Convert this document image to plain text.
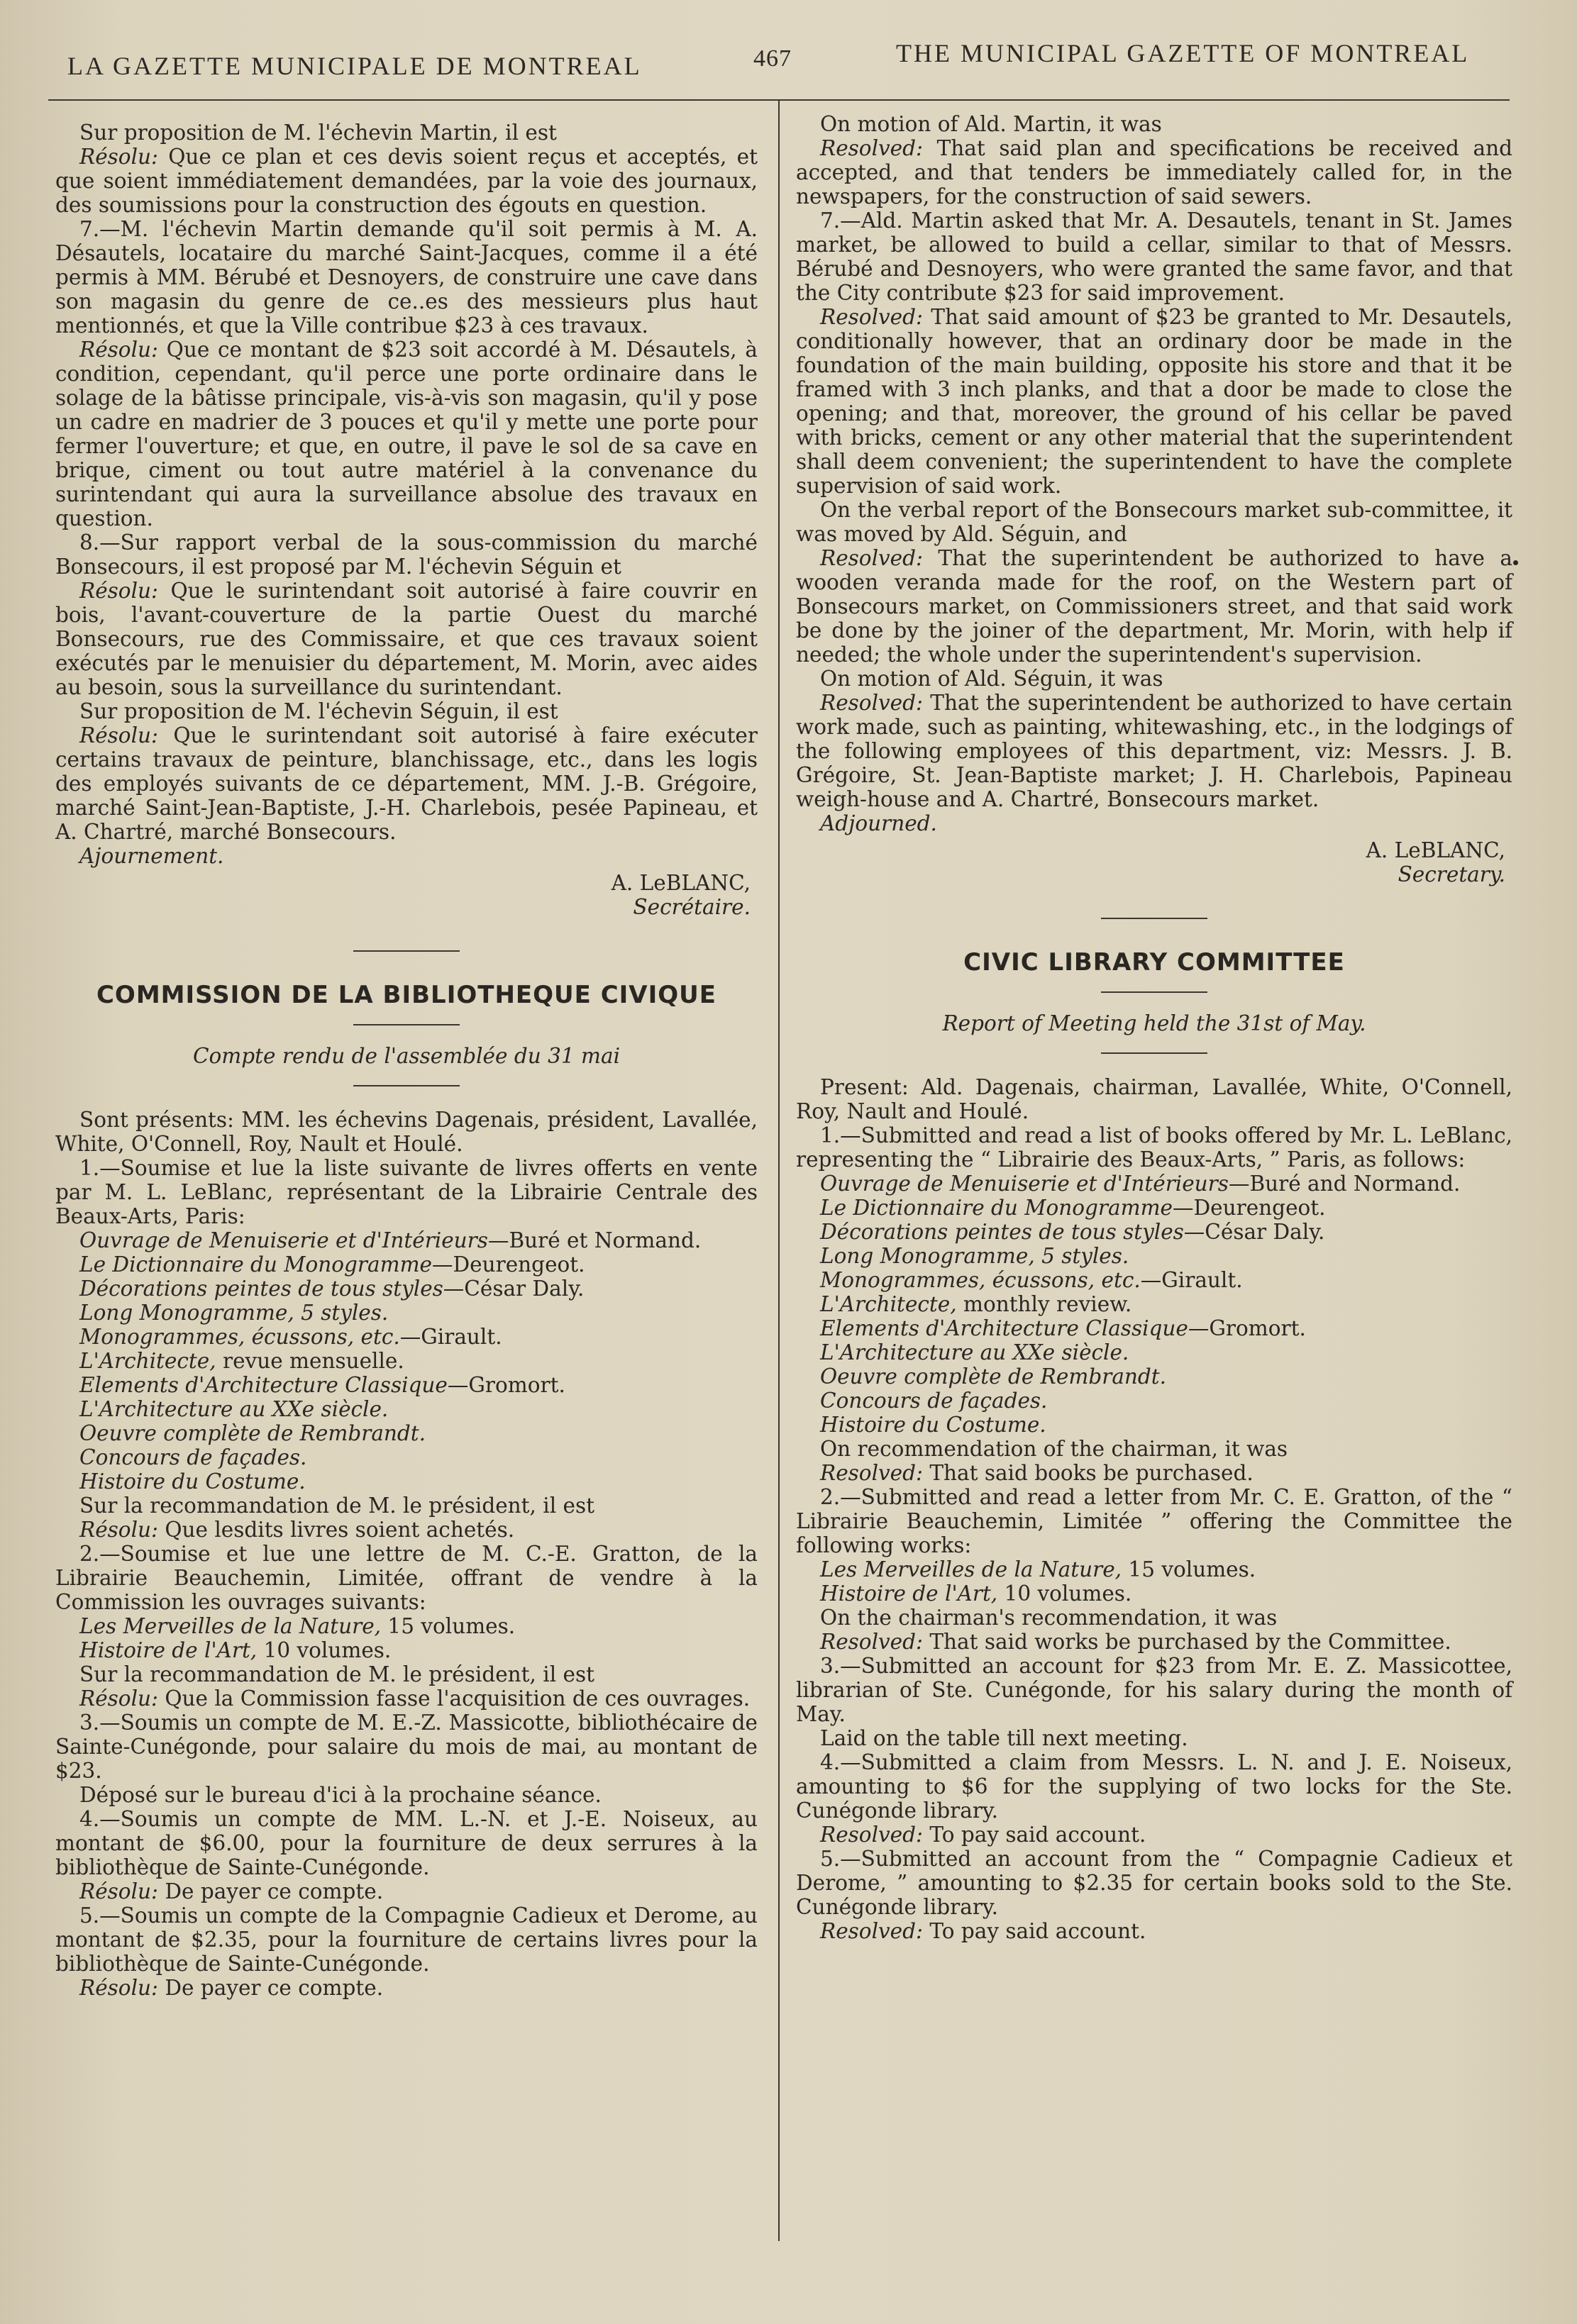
LA GAZETTE MUNICIPALE DE MONTREAL	467	THE MUNICIPAL GAZETTE OF MONTREAL

Sur proposition de M. l'échevin Martin, il est

Résolu: Que ce plan et ces devis soient reçus et acceptés, et que soient immédiatement demandées, par la voie des journaux, des soumissions pour la construction des égouts en question.

7.—M. l'échevin Martin demande qu'il soit permis à M. A. Désautels, locataire du marché Saint-Jacques, comme il a été permis à MM. Bérubé et Desnoyers, de construire une cave dans son magasin du genre de ce..es des messieurs plus haut mentionnés, et que la Ville contribue $23 à ces travaux.

Résolu: Que ce montant de $23 soit accordé à M. Désautels, à condition, cependant, qu'il perce une porte ordinaire dans le solage de la bâtisse principale, vis-à-vis son magasin, qu'il y pose un cadre en madrier de 3 pouces et qu'il y mette une porte pour fermer l'ouverture; et que, en outre, il pave le sol de sa cave en brique, ciment ou tout autre matériel à la convenance du surintendant qui aura la surveillance absolue des travaux en question.

8.—Sur rapport verbal de la sous-commission du marché Bonsecours, il est proposé par M. l'échevin Séguin et

Résolu: Que le surintendant soit autorisé à faire couvrir en bois, l'avant-couverture de la partie Ouest du marché Bonsecours, rue des Commissaire, et que ces travaux soient exécutés par le menuisier du département, M. Morin, avec aides au besoin, sous la surveillance du surintendant.

Sur proposition de M. l'échevin Séguin, il est

Résolu: Que le surintendant soit autorisé à faire exécuter certains travaux de peinture, blanchissage, etc., dans les logis des employés suivants de ce département, MM. J.-B. Grégoire, marché Saint-Jean-Baptiste, J.-H. Charlebois, pesée Papineau, et A. Chartré, marché Bonsecours.

Ajournement.

A. LeBLANC,
Secrétaire.
COMMISSION DE LA BIBLIOTHEQUE CIVIQUE
Compte rendu de l'assemblée du 31 mai

Sont présents: MM. les échevins Dagenais, président, Lavallée, White, O'Connell, Roy, Nault et Houlé.

1.—Soumise et lue la liste suivante de livres offerts en vente par M. L. LeBlanc, représentant de la Librairie Centrale des Beaux-Arts, Paris:

Ouvrage de Menuiserie et d'Intérieurs—Buré et Normand.

Le Dictionnaire du Monogramme—Deurengeot.

Décorations peintes de tous styles—César Daly.

Long Monogramme, 5 styles.

Monogrammes, écussons, etc.—Girault.

L'Architecte, revue mensuelle.

Elements d'Architecture Classique—Gromort.

L'Architecture au XXe siècle.

Oeuvre complète de Rembrandt.

Concours de façades.

Histoire du Costume.

Sur la recommandation de M. le président, il est

Résolu: Que lesdits livres soient achetés.

2.—Soumise et lue une lettre de M. C.-E. Gratton, de la Librairie Beauchemin, Limitée, offrant de vendre à la Commission les ouvrages suivants:

Les Merveilles de la Nature, 15 volumes.

Histoire de l'Art, 10 volumes.

Sur la recommandation de M. le président, il est

Résolu: Que la Commission fasse l'acquisition de ces ouvrages.

3.—Soumis un compte de M. E.-Z. Massicotte, bibliothécaire de Sainte-Cunégonde, pour salaire du mois de mai, au montant de $23.

Déposé sur le bureau d'ici à la prochaine séance.

4.—Soumis un compte de MM. L.-N. et J.-E. Noiseux, au montant de $6.00, pour la fourniture de deux serrures à la bibliothèque de Sainte-Cunégonde.

Résolu: De payer ce compte.

5.—Soumis un compte de la Compagnie Cadieux et Derome, au montant de $2.35, pour la fourniture de certains livres pour la bibliothèque de Sainte-Cunégonde.

Résolu: De payer ce compte.

On motion of Ald. Martin, it was

Resolved: That said plan and specifications be received and accepted, and that tenders be immediately called for, in the newspapers, for the construction of said sewers.

7.—Ald. Martin asked that Mr. A. Desautels, tenant in St. James market, be allowed to build a cellar, similar to that of Messrs. Bérubé and Desnoyers, who were granted the same favor, and that the City contribute $23 for said improvement.

Resolved: That said amount of $23 be granted to Mr. Desautels, conditionally however, that an ordinary door be made in the foundation of the main building, opposite his store and that it be framed with 3 inch planks, and that a door be made to close the opening; and that, moreover, the ground of his cellar be paved with bricks, cement or any other material that the superintendent shall deem convenient; the superintendent to have the complete supervision of said work.

On the verbal report of the Bonsecours market sub-committee, it was moved by Ald. Séguin, and

Resolved: That the superintendent be authorized to have a wooden veranda made for the roof, on the Western part of Bonsecours market, on Commissioners street, and that said work be done by the joiner of the department, Mr. Morin, with help if needed; the whole under the superintendent's supervision.

On motion of Ald. Séguin, it was

Resolved: That the superintendent be authorized to have certain work made, such as painting, whitewashing, etc., in the lodgings of the following employees of this department, viz: Messrs. J. B. Grégoire, St. Jean-Baptiste market; J. H. Charlebois, Papineau weigh-house and A. Chartré, Bonsecours market.

Adjourned.

A. LeBLANC,
Secretary.
CIVIC LIBRARY COMMITTEE
Report of Meeting held the 31st of May.

Present: Ald. Dagenais, chairman, Lavallée, White, O'Connell, Roy, Nault and Houlé.

1.—Submitted and read a list of books offered by Mr. L. LeBlanc, representing the “ Librairie des Beaux-Arts, ” Paris, as follows:

Ouvrage de Menuiserie et d'Intérieurs—Buré and Normand.

Le Dictionnaire du Monogramme—Deurengeot.

Décorations peintes de tous styles—César Daly.

Long Monogramme, 5 styles.

Monogrammes, écussons, etc.—Girault.

L'Architecte, monthly review.

Elements d'Architecture Classique—Gromort.

L'Architecture au XXe siècle.

Oeuvre complète de Rembrandt.

Concours de façades.

Histoire du Costume.

On recommendation of the chairman, it was

Resolved: That said books be purchased.

2.—Submitted and read a letter from Mr. C. E. Gratton, of the “ Librairie Beauchemin, Limitée ” offering the Committee the following works:

Les Merveilles de la Nature, 15 volumes.

Histoire de l'Art, 10 volumes.

On the chairman's recommendation, it was

Resolved: That said works be purchased by the Committee.

3.—Submitted an account for $23 from Mr. E. Z. Massicottee, librarian of Ste. Cunégonde, for his salary during the month of May.

Laid on the table till next meeting.

4.—Submitted a claim from Messrs. L. N. and J. E. Noiseux, amounting to $6 for the supplying of two locks for the Ste. Cunégonde library.

Resolved: To pay said account.

5.—Submitted an account from the “ Compagnie Cadieux et Derome, ” amounting to $2.35 for certain books sold to the Ste. Cunégonde library.

Resolved: To pay said account.
